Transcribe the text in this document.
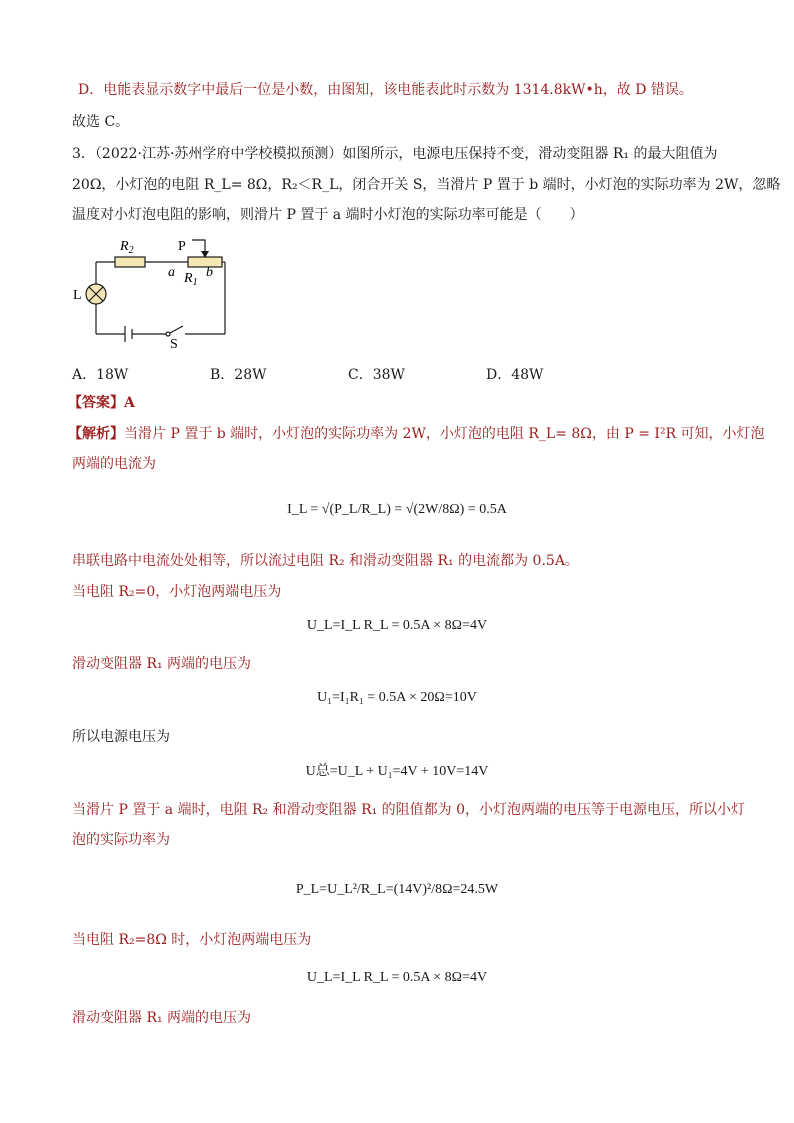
D．电能表显示数字中最后一位是小数，由图知，该电能表此时示数为 1314.8kW•h，故 D 错误。
故选 C。
3．（2022·江苏·苏州学府中学校模拟预测）如图所示，电源电压保持不变，滑动变阻器 R₁ 的最大阻值为
20Ω，小灯泡的电阻 R_L= 8Ω，R₂＜R_L，闭合开关 S，当滑片 P 置于 b 端时，小灯泡的实际功率为 2W，忽略
温度对小灯泡电阻的影响，则滑片 P 置于 a 端时小灯泡的实际功率可能是（　　）
$R_2$	P
a b
$R_1$
L
S
A．18W	B．28W	C．38W	D．48W
【答案】A
【解析】当滑片 P 置于 b 端时，小灯泡的实际功率为 2W，小灯泡的电阻 R_L= 8Ω，由 P = I²R 可知，小灯泡
两端的电流为
I_L = √(P_L/R_L) = √(2W/8Ω) = 0.5A
串联电路中电流处处相等，所以流过电阻 R₂ 和滑动变阻器 R₁ 的电流都为 0.5A。
当电阻 R₂=0，小灯泡两端电压为
U_L=I_L R_L = 0.5A × 8Ω=4V
滑动变阻器 R₁ 两端的电压为
U₁=I₁R₁ = 0.5A × 20Ω=10V
所以电源电压为
U总=U_L + U₁=4V + 10V=14V
当滑片 P 置于 a 端时，电阻 R₂ 和滑动变阻器 R₁ 的阻值都为 0，小灯泡两端的电压等于电源电压，所以小灯
泡的实际功率为
P_L=U_L²/R_L=(14V)²/8Ω=24.5W
当电阻 R₂=8Ω 时，小灯泡两端电压为
U_L=I_L R_L = 0.5A × 8Ω=4V
滑动变阻器 R₁ 两端的电压为
